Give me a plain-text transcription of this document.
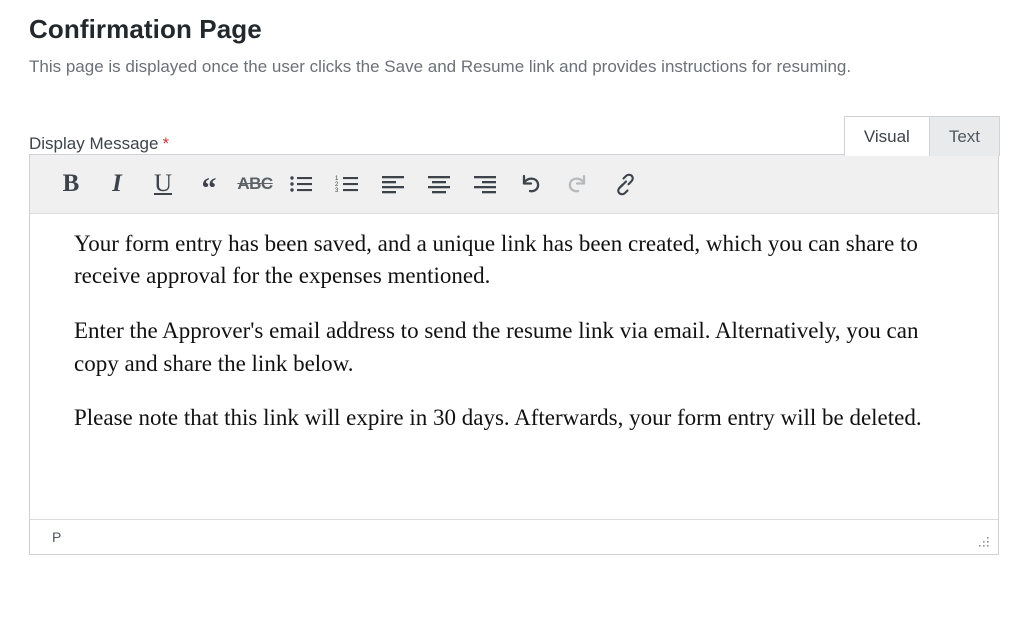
Confirmation Page

This page is displayed once the user clicks the Save and Resume link and provides instructions for resuming.

Display Message *	Visual	Text
B	I	U “	ABC	1
2
3

Your form entry has been saved, and a unique link has been created, which you can share to receive approval for the expenses mentioned.

Enter the Approver's email address to send the resume link via email. Alternatively, you can copy and share the link below.

Please note that this link will expire in 30 days. Afterwards, your form entry will be deleted.

P
